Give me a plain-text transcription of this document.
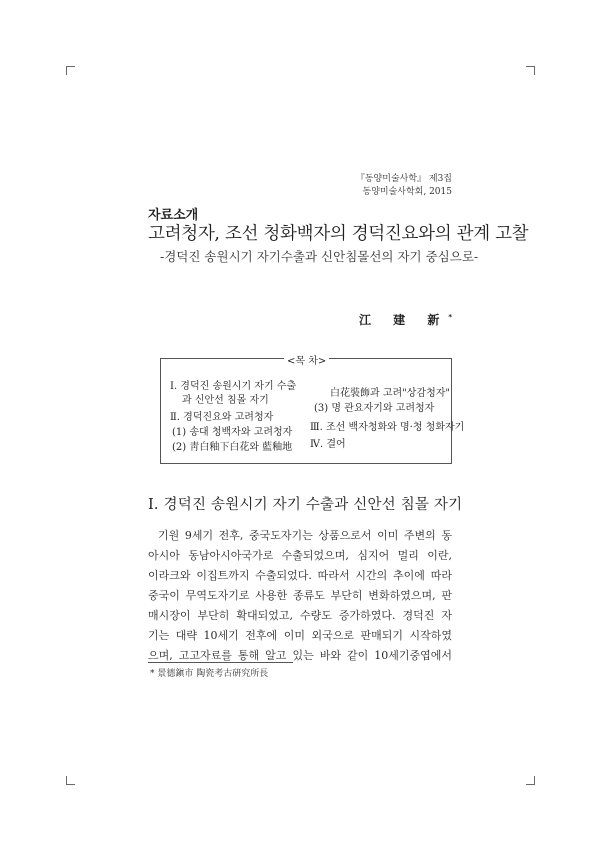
『동양미술사학』 제3집
동양미술사학회, 2015
자료소개
고려청자, 조선 청화백자의 경덕진요와의 관계 고찰
-경덕진 송원시기 자기수출과 신안침몰선의 자기 중심으로-
江 建 新*
<목 차>
Ⅰ. 경덕진 송원시기 자기 수출
과 신안선 침몰 자기
Ⅱ. 경덕진요와 고려청자
(1) 송대 청백자와 고려청자
(2) 靑白釉下白花와 藍釉地
白花裝飾과 고려"상감청자"
(3) 명 관요자기와 고려청자
Ⅲ. 조선 백자청화와 명·청 청화자기
Ⅳ. 결어
Ⅰ. 경덕진 송원시기 자기 수출과 신안선 침몰 자기
기원 9세기 전후, 중국도자기는 상품으로서 이미 주변의 동
아시아 동남아시아국가로 수출되었으며, 심지어 멀리 이란,
이라크와 이집트까지 수출되었다. 따라서 시간의 추이에 따라
중국이 무역도자기로 사용한 종류도 부단히 변화하였으며, 판
매시장이 부단히 확대되었고, 수량도 증가하였다. 경덕진 자
기는 대략 10세기 전후에 이미 외국으로 판매되기 시작하였
으며, 고고자료를 통해 알고 있는 바와 같이 10세기중엽에서
* 景德鎭市 陶瓷考古硏究所長
